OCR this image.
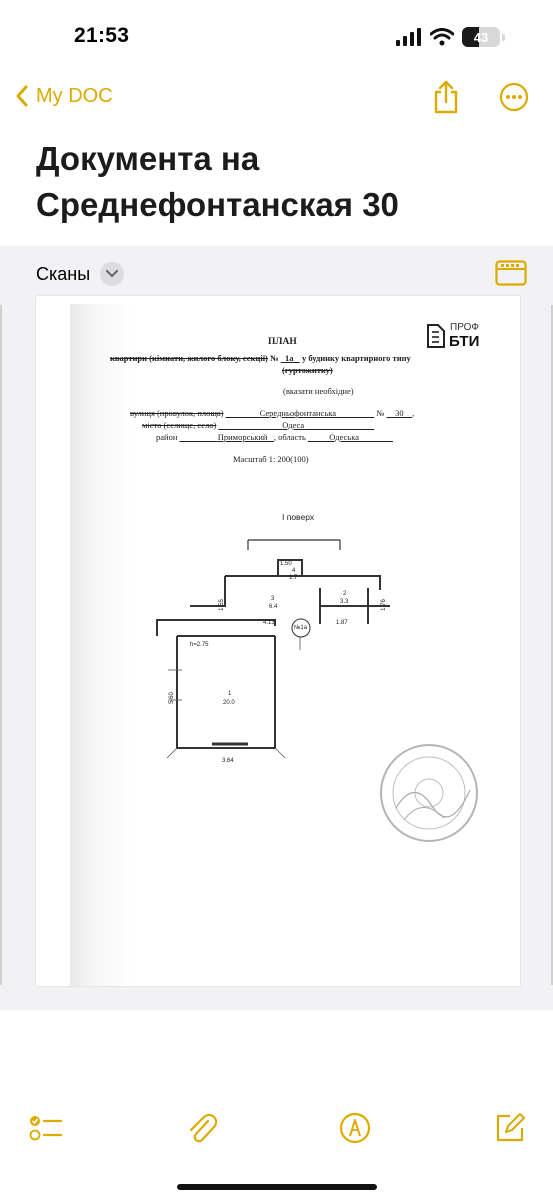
21:53	43
My DOC
Документа на Среднефонтанская 30
Сканы
ПРОФ
БТИ
ПЛАН
квартири (кімнати, жилого блоку, секції) № 1а у будинку квартирного типу
(гуртожитку)
(вказати необхідне)
вулиця (провулок, площа)	Середньофонтанська	№ 30 ,
місто (селище, село)	Одеса
район	Приморський , область	Одеська
Масштаб 1: 200(100)
I поверх
1.50
4
1.7
3
6.4
1.55
4.13
2
3.3	1.76
1.87
h=2.75
№1а
1
20.0
5.60
3.64
